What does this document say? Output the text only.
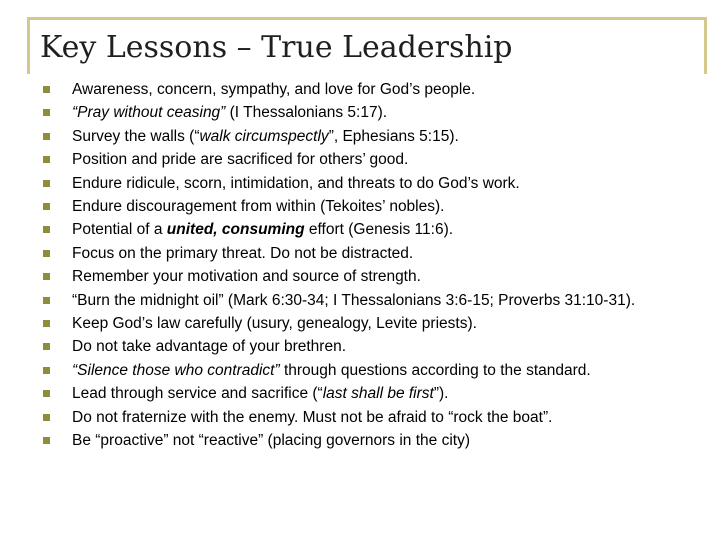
Key Lessons – True Leadership
Awareness, concern, sympathy, and love for God’s people.
“Pray without ceasing” (I Thessalonians 5:17).
Survey the walls (“walk circumspectly”, Ephesians 5:15).
Position and pride are sacrificed for others’ good.
Endure ridicule, scorn, intimidation, and threats to do God’s work.
Endure discouragement from within (Tekoites’ nobles).
Potential of a united, consuming effort (Genesis 11:6).
Focus on the primary threat. Do not be distracted.
Remember your motivation and source of strength.
“Burn the midnight oil” (Mark 6:30-34; I Thessalonians 3:6-15; Proverbs 31:10-31).
Keep God’s law carefully (usury, genealogy, Levite priests).
Do not take advantage of your brethren.
“Silence those who contradict” through questions according to the standard.
Lead through service and sacrifice (“last shall be first”).
Do not fraternize with the enemy. Must not be afraid to “rock the boat”.
Be “proactive” not “reactive” (placing governors in the city)
